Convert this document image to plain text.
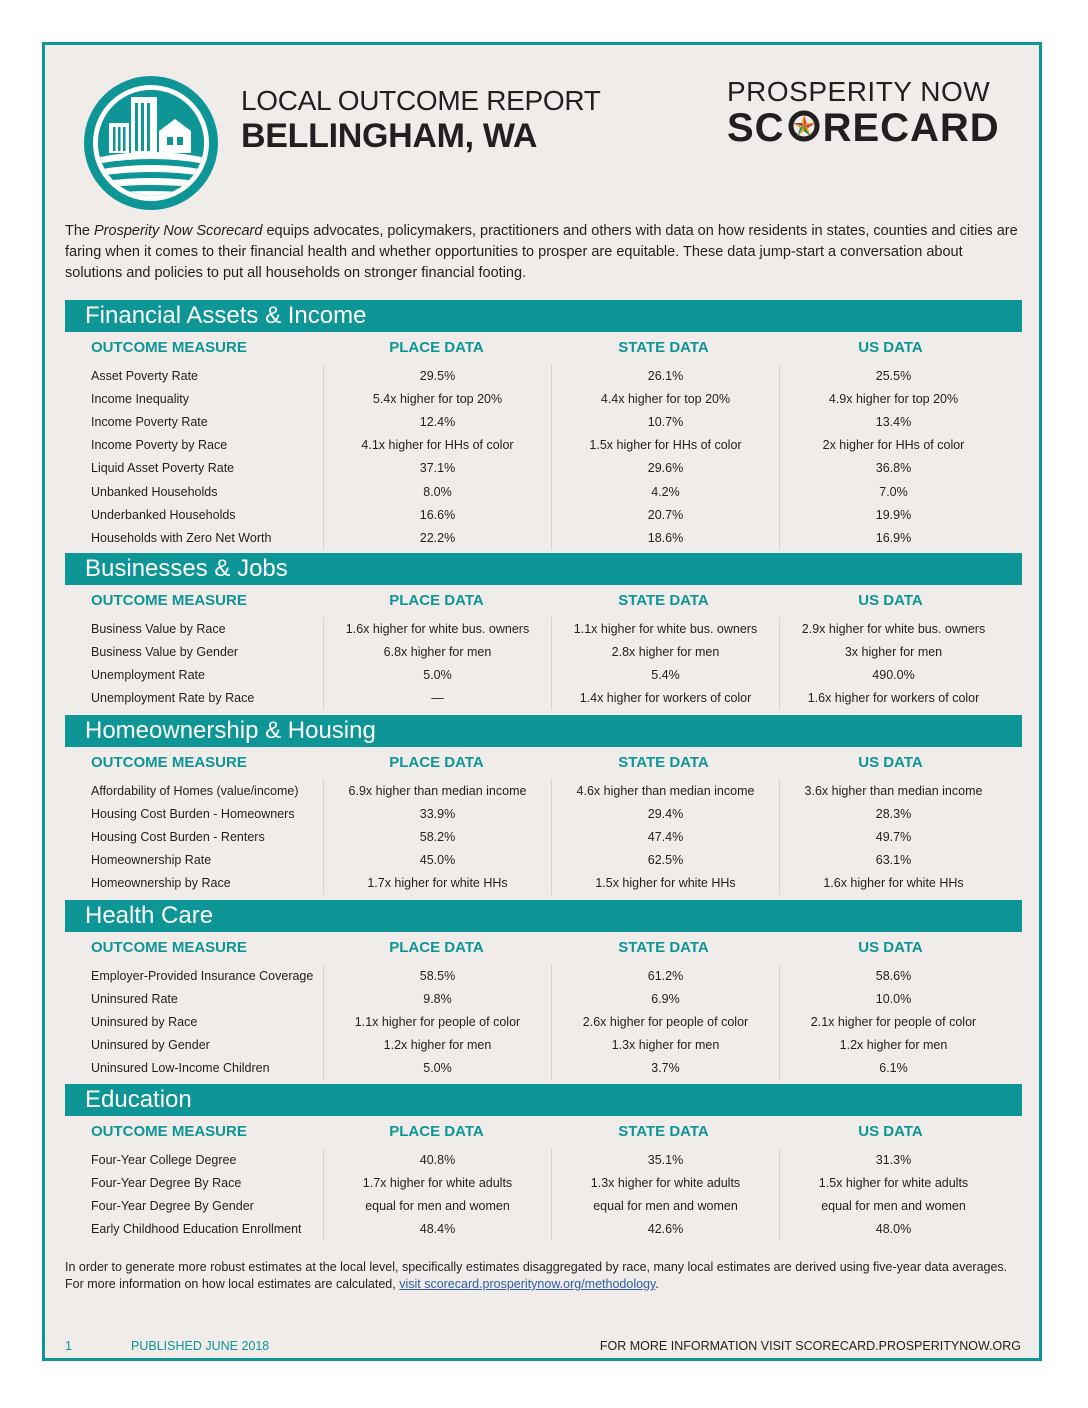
LOCAL OUTCOME REPORT
BELLINGHAM, WA
PROSPERITY NOW
SC RECARD
The Prosperity Now Scorecard equips advocates, policymakers, practitioners and others with data on how residents in states, counties and cities are faring when it comes to their financial health and whether opportunities to prosper are equitable. These data jump-start a conversation about solutions and policies to put all households on stronger financial footing.
Financial Assets & Income
OUTCOME MEASURE	PLACE DATA	STATE DATA	US DATA
Asset Poverty Rate	29.5%	26.1%	25.5%
Income Inequality	5.4x higher for top 20%	4.4x higher for top 20%	4.9x higher for top 20%
Income Poverty Rate	12.4%	10.7%	13.4%
Income Poverty by Race	4.1x higher for HHs of color	1.5x higher for HHs of color	2x higher for HHs of color
Liquid Asset Poverty Rate	37.1%	29.6%	36.8%
Unbanked Households	8.0%	4.2%	7.0%
Underbanked Households	16.6%	20.7%	19.9%
Households with Zero Net Worth	22.2%	18.6%	16.9%
Businesses & Jobs
OUTCOME MEASURE	PLACE DATA	STATE DATA	US DATA
Business Value by Race	1.6x higher for white bus. owners	1.1x higher for white bus. owners	2.9x higher for white bus. owners
Business Value by Gender	6.8x higher for men	2.8x higher for men	3x higher for men
Unemployment Rate	5.0%	5.4%	490.0%
Unemployment Rate by Race	—	1.4x higher for workers of color	1.6x higher for workers of color
Homeownership & Housing
OUTCOME MEASURE	PLACE DATA	STATE DATA	US DATA
Affordability of Homes (value/income)	6.9x higher than median income	4.6x higher than median income	3.6x higher than median income
Housing Cost Burden - Homeowners	33.9%	29.4%	28.3%
Housing Cost Burden - Renters	58.2%	47.4%	49.7%
Homeownership Rate	45.0%	62.5%	63.1%
Homeownership by Race	1.7x higher for white HHs	1.5x higher for white HHs	1.6x higher for white HHs
Health Care
OUTCOME MEASURE	PLACE DATA	STATE DATA	US DATA
Employer-Provided Insurance Coverage	58.5%	61.2%	58.6%
Uninsured Rate	9.8%	6.9%	10.0%
Uninsured by Race	1.1x higher for people of color	2.6x higher for people of color	2.1x higher for people of color
Uninsured by Gender	1.2x higher for men	1.3x higher for men	1.2x higher for men
Uninsured Low-Income Children	5.0%	3.7%	6.1%
Education
OUTCOME MEASURE	PLACE DATA	STATE DATA	US DATA
Four-Year College Degree	40.8%	35.1%	31.3%
Four-Year Degree By Race	1.7x higher for white adults	1.3x higher for white adults	1.5x higher for white adults
Four-Year Degree By Gender	equal for men and women	equal for men and women	equal for men and women
Early Childhood Education Enrollment	48.4%	42.6%	48.0%
In order to generate more robust estimates at the local level, specifically estimates disaggregated by race, many local estimates are derived using five-year data averages. For more information on how local estimates are calculated, visit scorecard.prosperitynow.org/methodology.
1	PUBLISHED JUNE 2018	FOR MORE INFORMATION VISIT SCORECARD.PROSPERITYNOW.ORG
